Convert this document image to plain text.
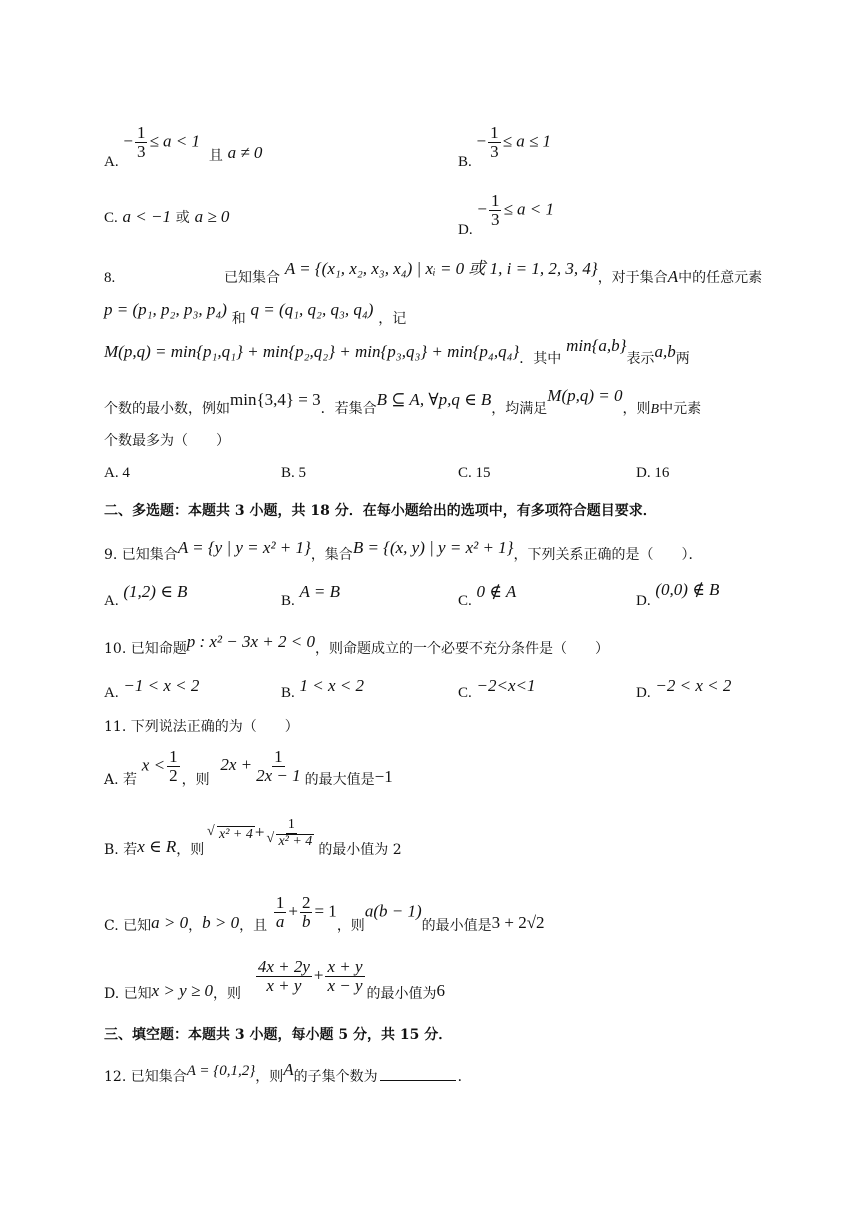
A. − $\frac{1}{3} \le a < 1$ 且 a ≠ 0	B. − $\frac{1}{3} \le a \le 1$
C. a < −1 或 a ≥ 0
D. − $\frac{1}{3} \le a < 1$
8.	已知集合 A = {(x₁, x₂, x₃, x₄) | xᵢ = 0 或 1, i = 1, 2, 3, 4}，对于集合A中的任意元素
p = (p₁, p₂, p₃, p₄) 和 q = (q₁, q₂, q₃, q₄) ，记
M(p,q) = min{p₁,q₁} + min{p₂,q₂} + min{p₃,q₃} + min{p₄,q₄}．其中 min{a,b}表示a,b两
个数的最小数，例如min{3,4} = 3．若集合B ⊆ A, ∀p,q ∈ B，均满足M(p,q) = 0，则B中元素
个数最多为（　　）
A. 4	B. 5	C. 15	D. 16
二、多选题：本题共 3 小题，共 18 分．在每小题给出的选项中，有多项符合题目要求．
9. 已知集合A = {y | y = x² + 1}，集合B = {(x, y) | y = x² + 1}，下列关系正确的是（　　）．
A. (1,2) ∈ B	B. A = B	C. 0 ∉ A	D. (0,0) ∉ B
10. 已知命题p : x² − 3x + 2 < 0，则命题成立的一个必要不充分条件是（　　）
A. −1 < x < 2	B. 1 < x < 2	C. −2<x<1	D. −2 < x < 2
11. 下列说法正确的为（　　）
A. 若 $x < \frac{1}{2}$ ，则 $2x + \frac{1}{2x - 1}$ 的最大值是−1
B. 若x ∈ R，则 √ x² + 4 + 1
√ x² + 4
的最小值为 2
C. 已知a > 0，b > 0，且 $\frac{1}{a} + \frac{2}{b} = 1$，则a(b − 1)的最小值是3 + 2√2
D. 已知x > y ≥ 0，则 $\frac{4x + 2y}{x + y} + \frac{x + y}{x - y}$ 的最小值为6
三、填空题：本题共 3 小题，每小题 5 分，共 15 分．
12. 已知集合A = {0,1,2}，则A的子集个数为	．
